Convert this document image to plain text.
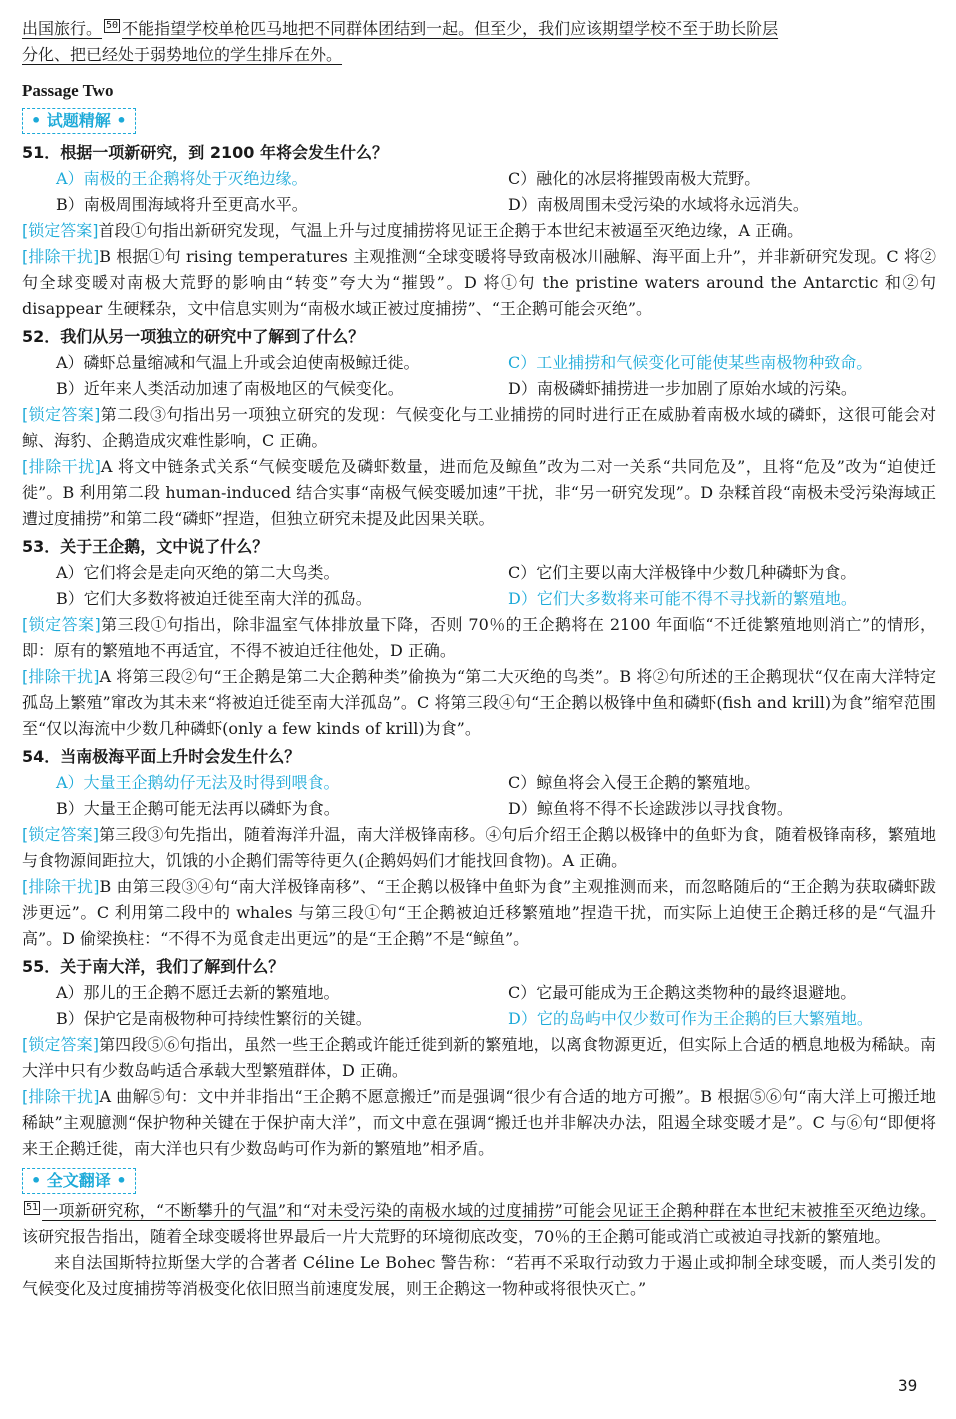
出国旅行。 50 不能指望学校单枪匹马地把不同群体团结到一起。但至少，我们应该期望学校不至于助长阶层
分化、把已经处于弱势地位的学生排斥在外。

Passage Two
• 试题精解 •
51．根据一项新研究，到 2100 年将会发生什么？
A）南极的王企鹅将处于灭绝边缘。	C）融化的冰层将摧毁南极大荒野。
B）南极周围海域将升至更高水平。	D）南极周围未受污染的水域将永远消失。

[锁定答案]首段①句指出新研究发现，气温上升与过度捕捞将见证王企鹅于本世纪末被逼至灭绝边缘，A 正确。

[排除干扰]B 根据①句 rising temperatures 主观推测“全球变暖将导致南极冰川融解、海平面上升”，并非新研究发现。C 将②句全球变暖对南极大荒野的影响由“转变”夸大为“摧毁”。D 将①句 the pristine waters around the Antarctic 和②句 disappear 生硬糅杂，文中信息实则为“南极水域正被过度捕捞”、“王企鹅可能会灭绝”。

52．我们从另一项独立的研究中了解到了什么？
A）磷虾总量缩减和气温上升或会迫使南极鲸迁徙。	C）工业捕捞和气候变化可能使某些南极物种致命。
B）近年来人类活动加速了南极地区的气候变化。	D）南极磷虾捕捞进一步加剧了原始水域的污染。

[锁定答案]第二段③句指出另一项独立研究的发现：气候变化与工业捕捞的同时进行正在威胁着南极水域的磷虾，这很可能会对鲸、海豹、企鹅造成灾难性影响，C 正确。

[排除干扰]A 将文中链条式关系“气候变暖危及磷虾数量，进而危及鲸鱼”改为二对一关系“共同危及”，且将“危及”改为“迫使迁徙”。B 利用第二段 human-induced 结合实事“南极气候变暖加速”干扰，非“另一研究发现”。D 杂糅首段“南极未受污染海域正遭过度捕捞”和第二段“磷虾”捏造，但独立研究未提及此因果关联。

53．关于王企鹅，文中说了什么？
A）它们将会是走向灭绝的第二大鸟类。	C）它们主要以南大洋极锋中少数几种磷虾为食。
B）它们大多数将被迫迁徙至南大洋的孤岛。	D）它们大多数将来可能不得不寻找新的繁殖地。

[锁定答案]第三段①句指出，除非温室气体排放量下降，否则 70％的王企鹅将在 2100 年面临“不迁徙繁殖地则消亡”的情形，即：原有的繁殖地不再适宜，不得不被迫迁往他处，D 正确。

[排除干扰]A 将第三段②句“王企鹅是第二大企鹅种类”偷换为“第二大灭绝的鸟类”。B 将②句所述的王企鹅现状“仅在南大洋特定孤岛上繁殖”窜改为其未来“将被迫迁徙至南大洋孤岛”。C 将第三段④句“王企鹅以极锋中鱼和磷虾(fish and krill)为食”缩窄范围至“仅以海流中少数几种磷虾(only a few kinds of krill)为食”。

54．当南极海平面上升时会发生什么？
A）大量王企鹅幼仔无法及时得到喂食。	C）鲸鱼将会入侵王企鹅的繁殖地。
B）大量王企鹅可能无法再以磷虾为食。	D）鲸鱼将不得不长途跋涉以寻找食物。

[锁定答案]第三段③句先指出，随着海洋升温，南大洋极锋南移。④句后介绍王企鹅以极锋中的鱼虾为食，随着极锋南移，繁殖地与食物源间距拉大，饥饿的小企鹅们需等待更久(企鹅妈妈们才能找回食物)。A 正确。

[排除干扰]B 由第三段③④句“南大洋极锋南移”、“王企鹅以极锋中鱼虾为食”主观推测而来，而忽略随后的“王企鹅为获取磷虾跋涉更远”。C 利用第二段中的 whales 与第三段①句“王企鹅被迫迁移繁殖地”捏造干扰，而实际上迫使王企鹅迁移的是“气温升高”。D 偷梁换柱：“不得不为觅食走出更远”的是“王企鹅”不是“鲸鱼”。

55．关于南大洋，我们了解到什么？
A）那儿的王企鹅不愿迁去新的繁殖地。	C）它最可能成为王企鹅这类物种的最终退避地。
B）保护它是南极物种可持续性繁衍的关键。	D）它的岛屿中仅少数可作为王企鹅的巨大繁殖地。

[锁定答案]第四段⑤⑥句指出，虽然一些王企鹅或许能迁徙到新的繁殖地，以离食物源更近，但实际上合适的栖息地极为稀缺。南大洋中只有少数岛屿适合承载大型繁殖群体，D 正确。

[排除干扰]A 曲解⑤句：文中并非指出“王企鹅不愿意搬迁”而是强调“很少有合适的地方可搬”。B 根据⑤⑥句“南大洋上可搬迁地稀缺”主观臆测“保护物种关键在于保护南大洋”，而文中意在强调“搬迁也并非解决办法，阻遏全球变暖才是”。C 与⑥句“即便将来王企鹅迁徙，南大洋也只有少数岛屿可作为新的繁殖地”相矛盾。

• 全文翻译 •

51 一项新研究称，“不断攀升的气温”和“对未受污染的南极水域的过度捕捞”可能会见证王企鹅种群在本世纪末被推至灭绝边缘。该研究报告指出，随着全球变暖将世界最后一片大荒野的环境彻底改变，70％的王企鹅可能或消亡或被迫寻找新的繁殖地。

来自法国斯特拉斯堡大学的合著者 Céline Le Bohec 警告称：“若再不采取行动致力于遏止或抑制全球变暖，而人类引发的气候变化及过度捕捞等消极变化依旧照当前速度发展，则王企鹅这一物种或将很快灭亡。”

39
